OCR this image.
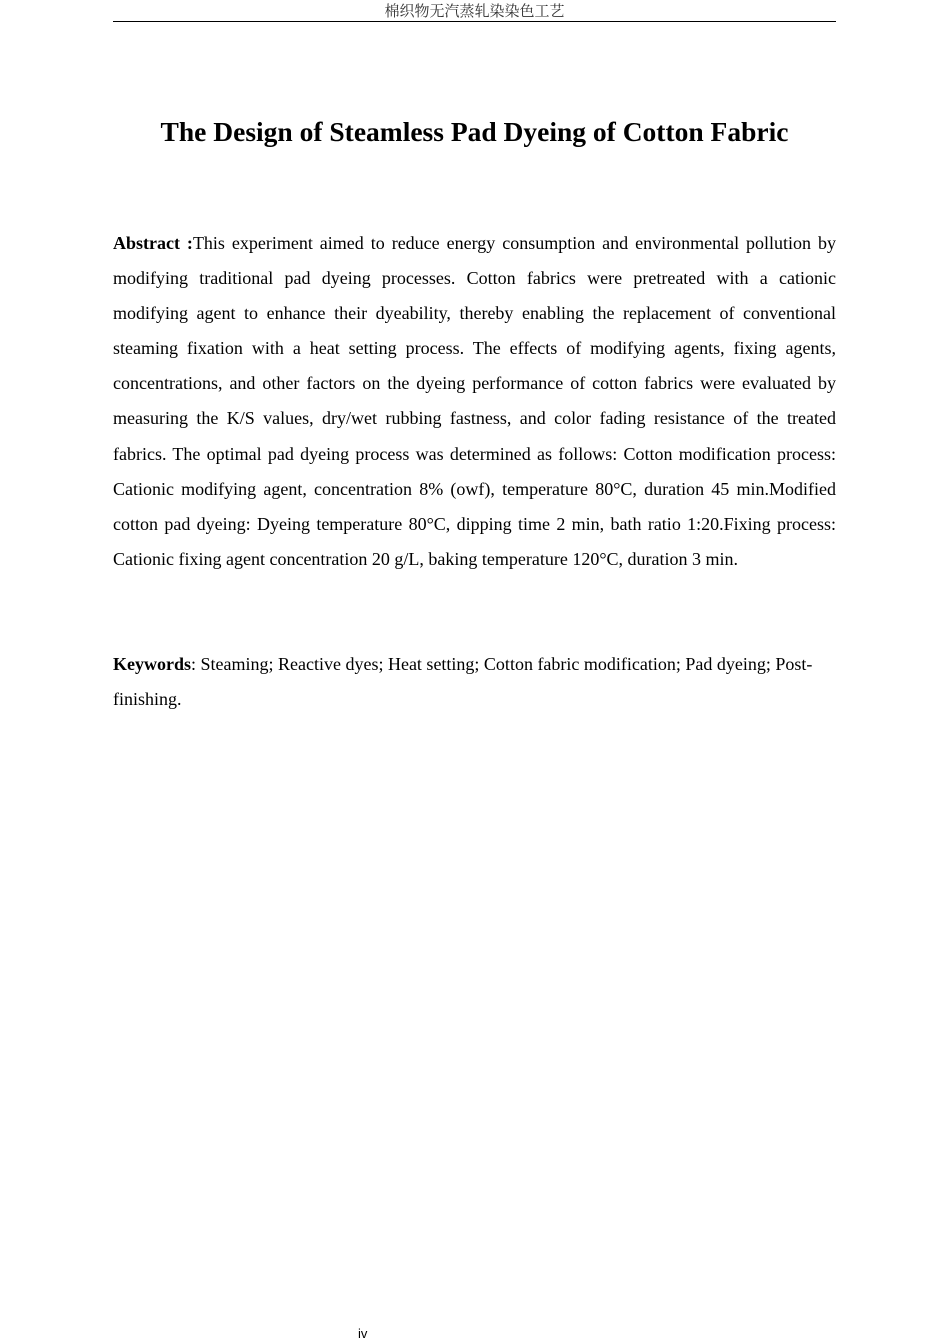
棉织物无汽蒸轧染染色工艺
The Design of Steamless Pad Dyeing of Cotton Fabric

Abstract :This experiment aimed to reduce energy consumption and environmental pollution by modifying traditional pad dyeing processes. Cotton fabrics were pretreated with a cationic modifying agent to enhance their dyeability, thereby enabling the replacement of conventional steaming fixation with a heat setting process. The effects of modifying agents, fixing agents, concentrations, and other factors on the dyeing performance of cotton fabrics were evaluated by measuring the K/S values, dry/wet rubbing fastness, and color fading resistance of the treated fabrics. The optimal pad dyeing process was determined as follows: Cotton modification process: Cationic modifying agent, concentration 8% (owf), temperature 80°C, duration 45 min.Modified cotton pad dyeing: Dyeing temperature 80°C, dipping time 2 min, bath ratio 1:20.Fixing process: Cationic fixing agent concentration 20 g/L, baking temperature 120°C, duration 3 min.

Keywords: Steaming; Reactive dyes; Heat setting; Cotton fabric modification; Pad dyeing; Post-finishing.

iv
